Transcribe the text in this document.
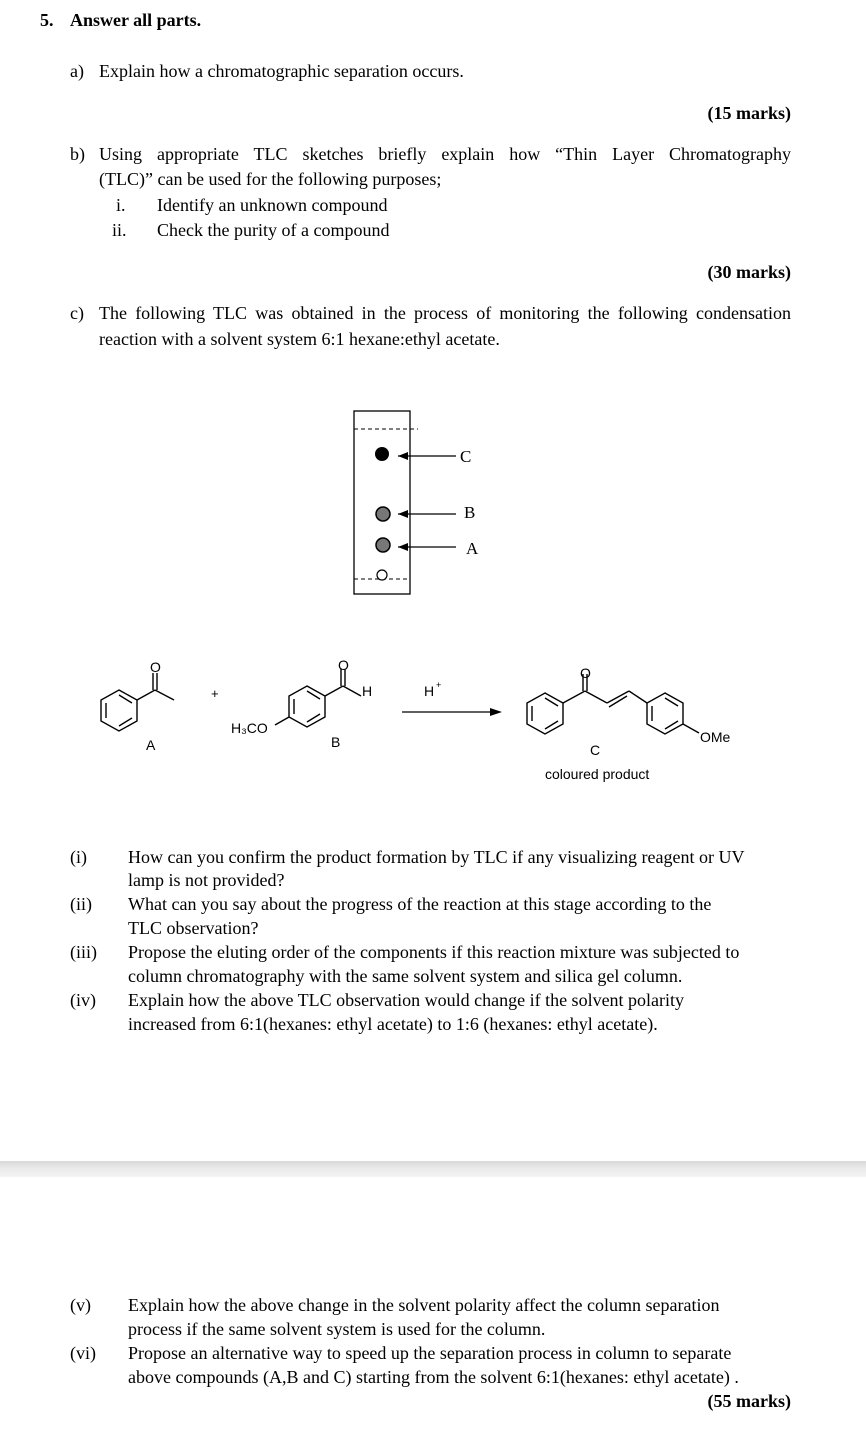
5. Answer all parts.
a) Explain how a chromatographic separation occurs.
(15 marks)
b) Using appropriate TLC sketches briefly explain how “Thin Layer Chromatography
(TLC)” can be used for the following purposes;
i. Identify an unknown compound
ii. Check the purity of a compound
(30 marks)
c) The following TLC was obtained in the process of monitoring the following condensation
reaction with a solvent system 6:1 hexane:ethyl acetate.
C
B
A
O
A
+
O
H
H₃CO
B
H +
O
OMe
C
coloured product
(i) How can you confirm the product formation by TLC if any visualizing reagent or UV
lamp is not provided?
(ii) What can you say about the progress of the reaction at this stage according to the
TLC observation?
(iii) Propose the eluting order of the components if this reaction mixture was subjected to
column chromatography with the same solvent system and silica gel column.
(iv) Explain how the above TLC observation would change if the solvent polarity
increased from 6:1(hexanes: ethyl acetate) to 1:6 (hexanes: ethyl acetate).
(v) Explain how the above change in the solvent polarity affect the column separation
process if the same solvent system is used for the column.
(vi) Propose an alternative way to speed up the separation process in column to separate
above compounds (A,B and C) starting from the solvent 6:1(hexanes: ethyl acetate) .
(55 marks)
